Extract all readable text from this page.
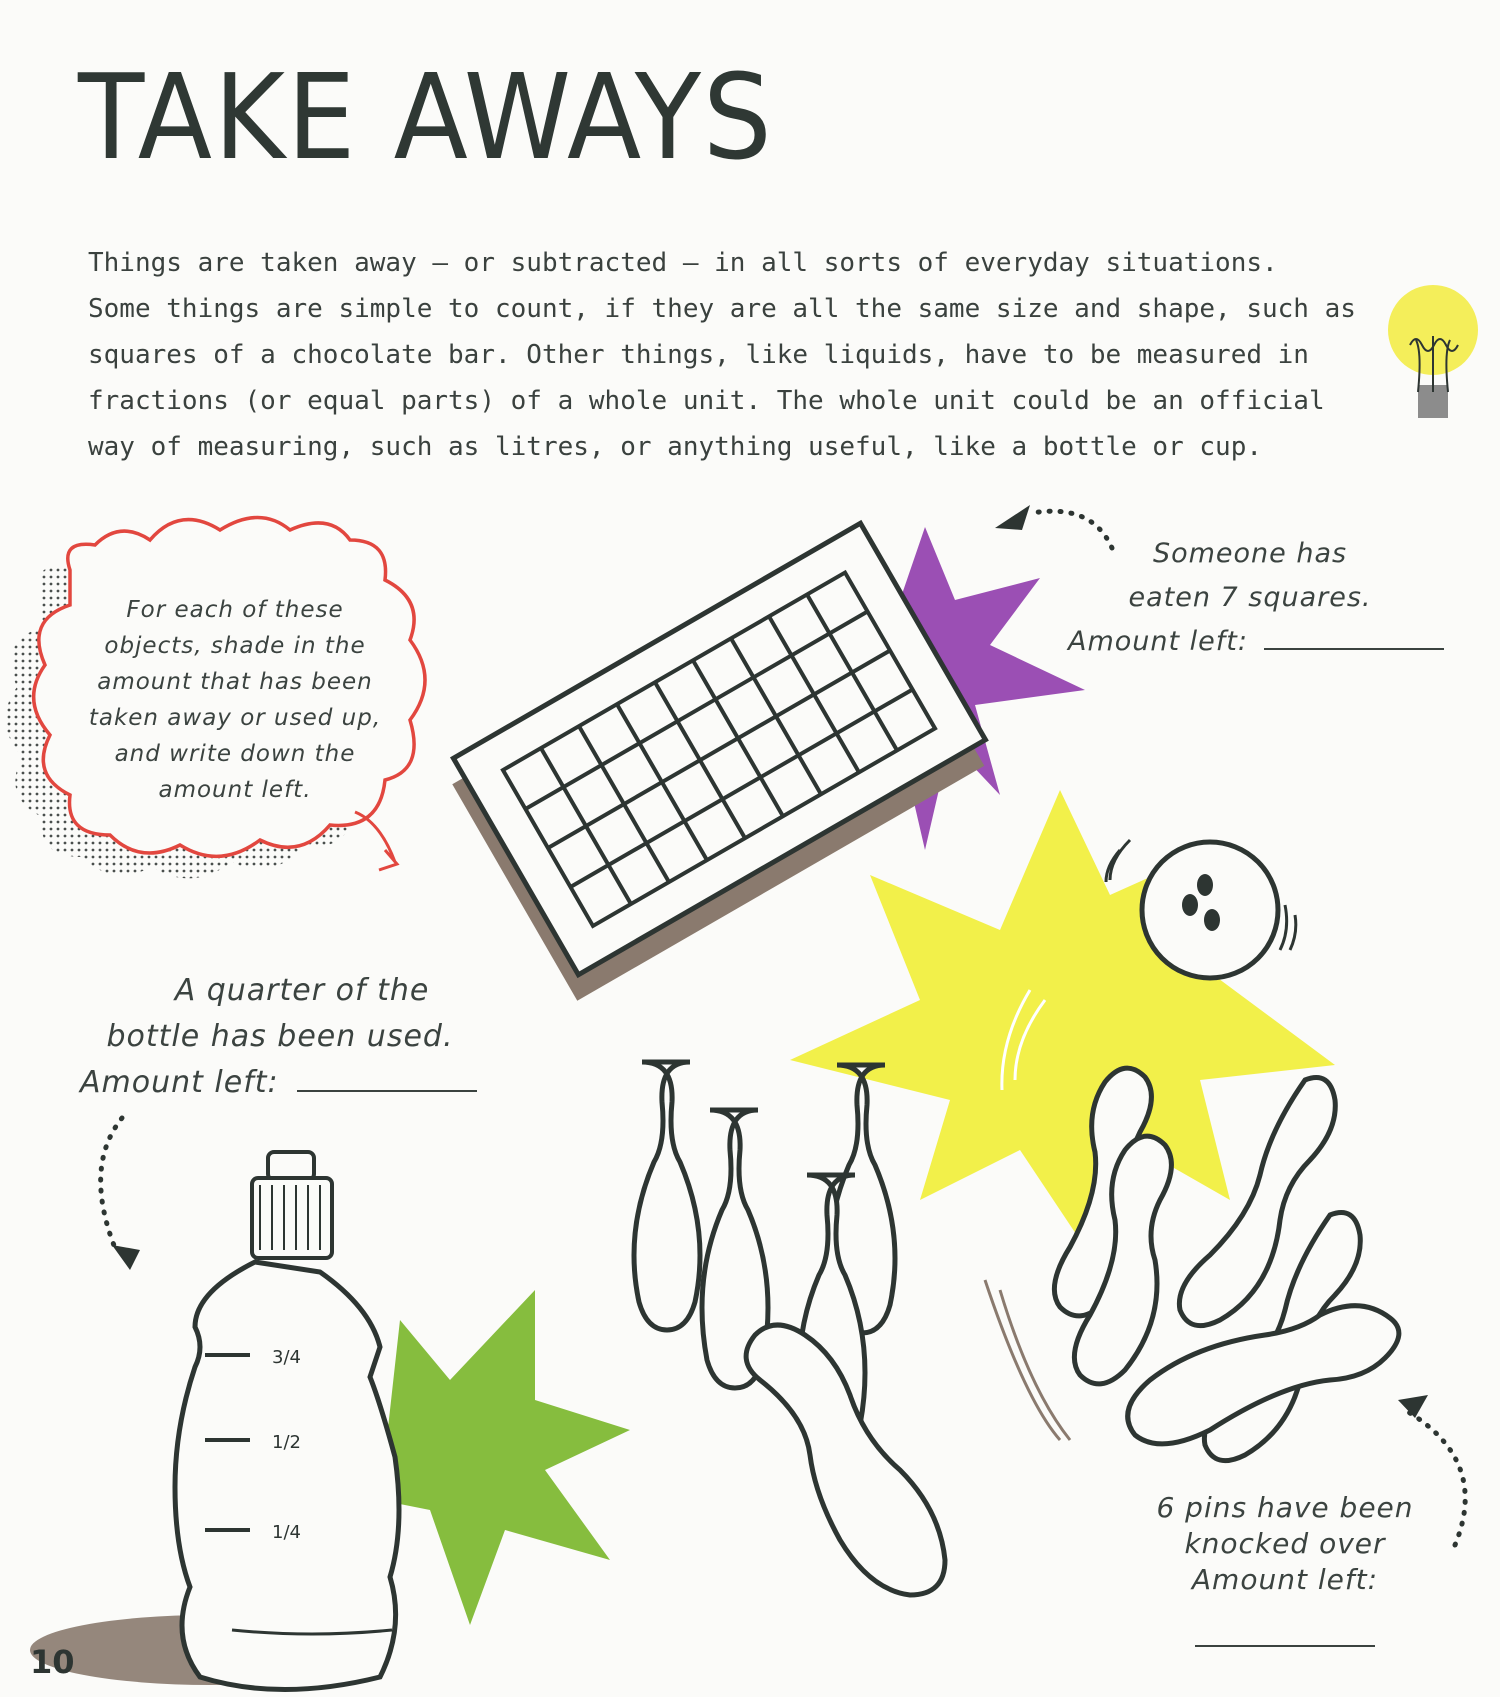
TAKE AWAYS

Things are taken away – or subtracted – in all sorts of everyday situations.

Some things are simple to count, if they are all the same size and shape, such as

squares of a chocolate bar. Other things, like liquids, have to be measured in

fractions (or equal parts) of a whole unit. The whole unit could be an official

way of measuring, such as litres, or anything useful, like a bottle or cup.

For each of these
objects, shade in the
amount that has been
taken away or used up,
and write down the
amount left.
Someone has
eaten 7 squares.
Amount left:
A quarter of the
bottle has been used.
Amount left:
3/4
1/2
1/4
6 pins have been
knocked over
Amount left:
10
